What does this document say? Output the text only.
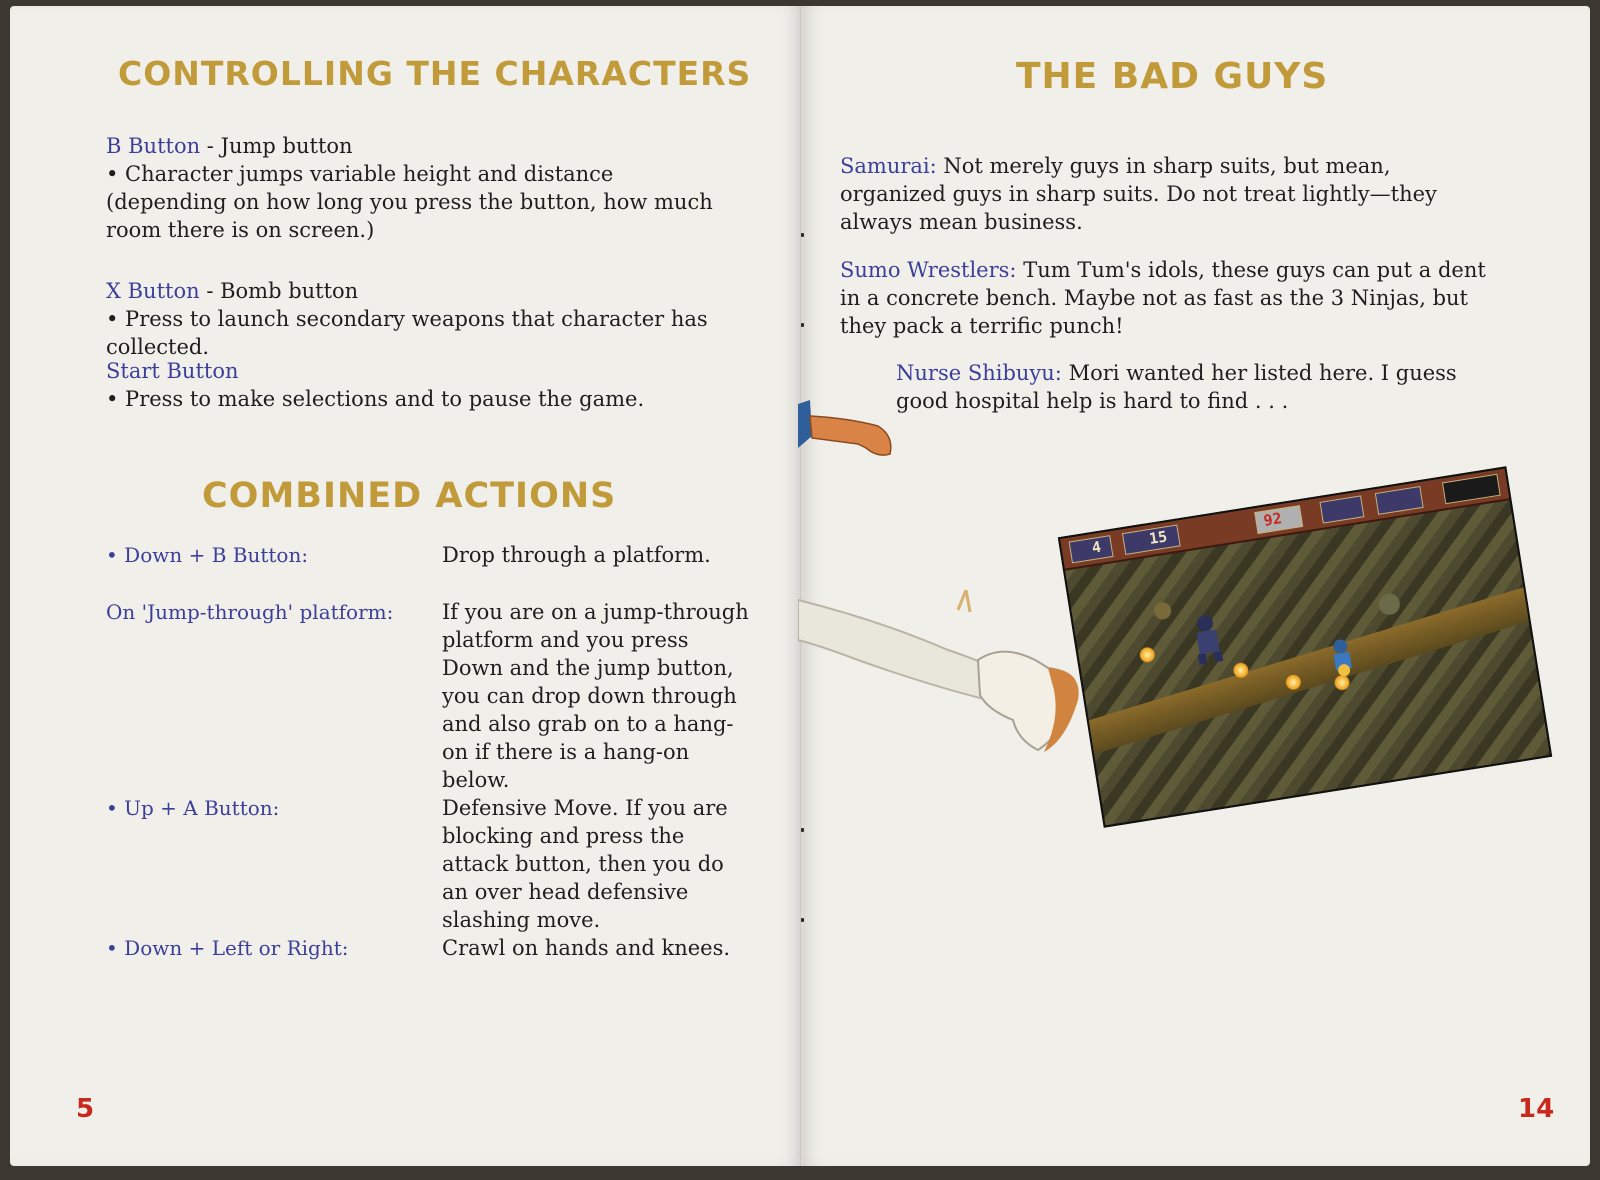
CONTROLLING THE CHARACTERS

B Button - Jump button

• Character jumps variable height and distance (depending on how long you press the button, how much room there is on screen.)

X Button - Bomb button

• Press to launch secondary weapons that character has collected.

Start Button

• Press to make selections and to pause the game.

COMBINED ACTIONS
• Down + B Button:	Drop through a platform.
On 'Jump-through' platform:	If you are on a jump-through platform and you press Down and the jump button, you can drop down through and also grab on to a hang-on if there is a hang-on below.
• Up + A Button:	Defensive Move. If you are blocking and press the attack button, then you do an over head defensive slashing move.
• Down + Left or Right:	Crawl on hands and knees.

5

THE BAD GUYS

Samurai: Not merely guys in sharp suits, but mean, organized guys in sharp suits. Do not treat lightly—they always mean business.

Sumo Wrestlers: Tum Tum's idols, these guys can put a dent in a concrete bench. Maybe not as fast as the 3 Ninjas, but they pack a terrific punch!

Nurse Shibuyu: Mori wanted her listed here. I guess good hospital help is hard to find . . .

14

4	15
92
